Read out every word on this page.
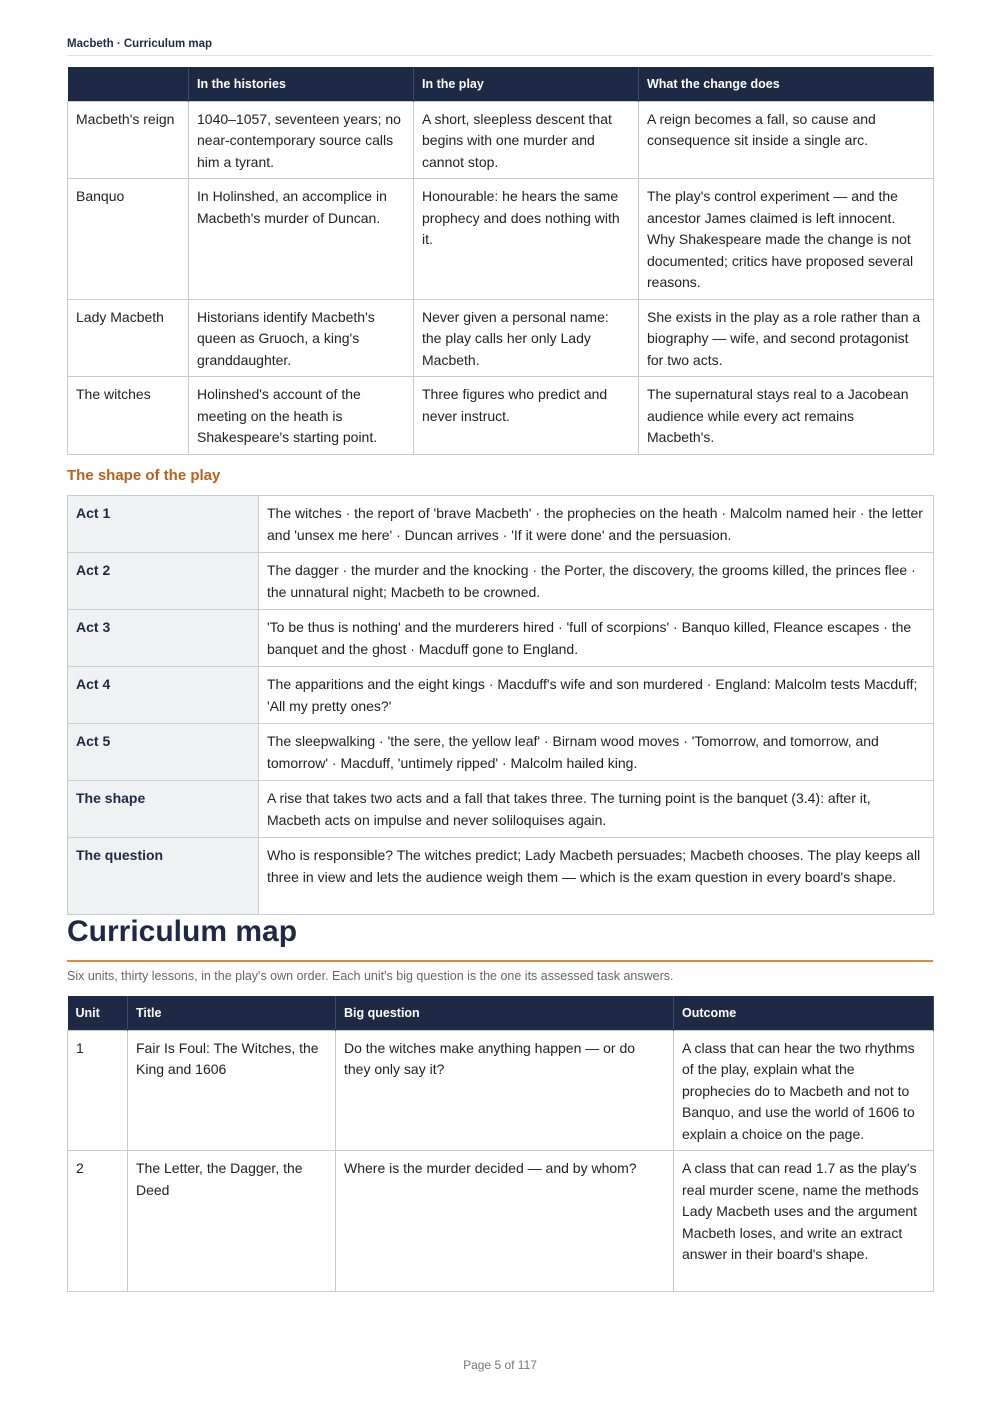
Macbeth · Curriculum map
	In the histories	In the play	What the change does
Macbeth's reign	1040–1057, seventeen years; no near-contemporary source calls him a tyrant.	A short, sleepless descent that begins with one murder and cannot stop.	A reign becomes a fall, so cause and consequence sit inside a single arc.
Banquo	In Holinshed, an accomplice in Macbeth's murder of Duncan.	Honourable: he hears the same prophecy and does nothing with it.	The play's control experiment — and the ancestor James claimed is left innocent. Why Shakespeare made the change is not documented; critics have proposed several reasons.
Lady Macbeth	Historians identify Macbeth's queen as Gruoch, a king's granddaughter.	Never given a personal name: the play calls her only Lady Macbeth.	She exists in the play as a role rather than a biography — wife, and second protagonist for two acts.
The witches	Holinshed's account of the meeting on the heath is Shakespeare's starting point.	Three figures who predict and never instruct.	The supernatural stays real to a Jacobean audience while every act remains Macbeth's.
The shape of the play
Act 1	The witches · the report of 'brave Macbeth' · the prophecies on the heath · Malcolm named heir · the letter and 'unsex me here' · Duncan arrives · 'If it were done' and the persuasion.
Act 2	The dagger · the murder and the knocking · the Porter, the discovery, the grooms killed, the princes flee · the unnatural night; Macbeth to be crowned.
Act 3	'To be thus is nothing' and the murderers hired · 'full of scorpions' · Banquo killed, Fleance escapes · the banquet and the ghost · Macduff gone to England.
Act 4	The apparitions and the eight kings · Macduff's wife and son murdered · England: Malcolm tests Macduff; 'All my pretty ones?'
Act 5	The sleepwalking · 'the sere, the yellow leaf' · Birnam wood moves · 'Tomorrow, and tomorrow, and tomorrow' · Macduff, 'untimely ripped' · Malcolm hailed king.
The shape	A rise that takes two acts and a fall that takes three. The turning point is the banquet (3.4): after it, Macbeth acts on impulse and never soliloquises again.
The question	Who is responsible? The witches predict; Lady Macbeth persuades; Macbeth chooses. The play keeps all three in view and lets the audience weigh them — which is the exam question in every board's shape.
Curriculum map
Six units, thirty lessons, in the play's own order. Each unit's big question is the one its assessed task answers.
Unit	Title	Big question	Outcome
1	Fair Is Foul: The Witches, the King and 1606	Do the witches make anything happen — or do they only say it?	A class that can hear the two rhythms of the play, explain what the prophecies do to Macbeth and not to Banquo, and use the world of 1606 to explain a choice on the page.
2	The Letter, the Dagger, the Deed	Where is the murder decided — and by whom?	A class that can read 1.7 as the play's real murder scene, name the methods Lady Macbeth uses and the argument Macbeth loses, and write an extract answer in their board's shape.
Page 5 of 117
